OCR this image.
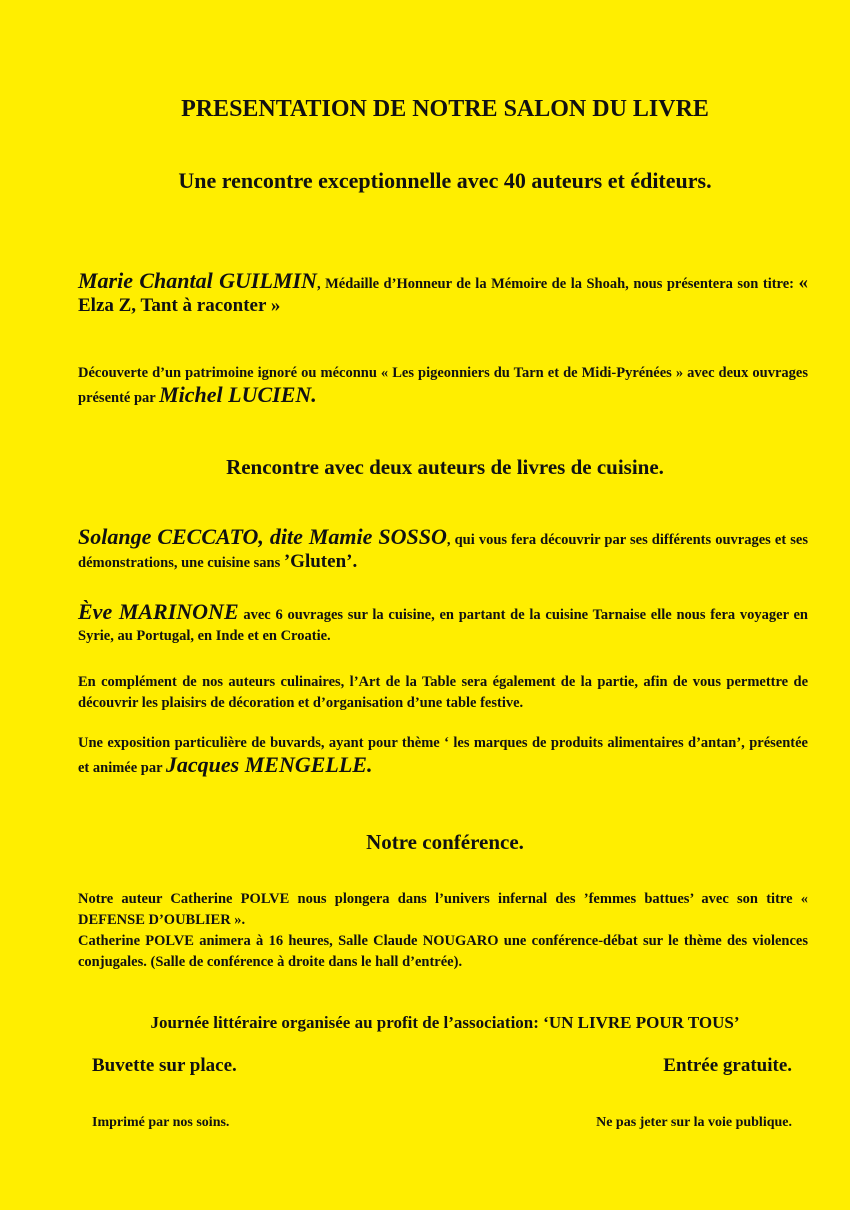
PRESENTATION DE NOTRE SALON DU LIVRE
Une rencontre exceptionnelle avec 40 auteurs et éditeurs.
Marie Chantal GUILMIN, Médaille d’Honneur de la Mémoire de la Shoah, nous présentera son titre: « Elza Z, Tant à raconter »
Découverte d’un patrimoine ignoré ou méconnu « Les pigeonniers du Tarn et de Midi-Pyrénées » avec deux ouvrages présenté par Michel LUCIEN.
Rencontre avec deux auteurs de livres de cuisine.
Solange CECCATO, dite Mamie SOSSO, qui vous fera découvrir par ses différents ouvrages et ses démonstrations, une cuisine sans ’Gluten’.
Ève MARINONE avec 6 ouvrages sur la cuisine, en partant de la cuisine Tarnaise elle nous fera voyager en Syrie, au Portugal, en Inde et en Croatie.
En complément de nos auteurs culinaires, l’Art de la Table sera également de la partie, afin de vous permettre de découvrir les plaisirs de décoration et d’organisation d’une table festive.
Une exposition particulière de buvards, ayant pour thème ‘ les marques de produits alimentaires d’antan’, présentée et animée par Jacques MENGELLE.
Notre conférence.
Notre auteur Catherine POLVE nous plongera dans l’univers infernal des ’femmes battues’ avec son titre « DEFENSE D’OUBLIER ».
Catherine POLVE animera à 16 heures, Salle Claude NOUGARO une conférence-débat sur le thème des violences conjugales. (Salle de conférence à droite dans le hall d’entrée).
Journée littéraire organisée au profit de l’association: ‘UN LIVRE POUR TOUS’
Buvette sur place.	Entrée gratuite.
Imprimé par nos soins.	Ne pas jeter sur la voie publique.
